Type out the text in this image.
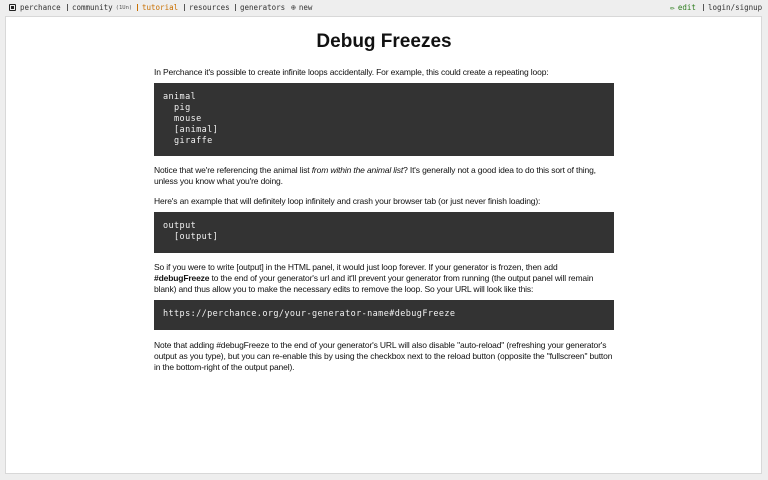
perchance community (1Un) tutorial resources generators ⊕ new	✏ edit login/signup
Debug Freezes

In Perchance it's possible to create infinite loops accidentally. For example, this could create a repeating loop:

animal
pig
mouse
[animal]
giraffe

Notice that we're referencing the animal list from within the animal list? It's generally not a good idea to do this sort of thing, unless you know what you're doing.

Here's an example that will definitely loop infinitely and crash your browser tab (or just never finish loading):

output
[output]

So if you were to write [output] in the HTML panel, it would just loop forever. If your generator is frozen, then add #debugFreeze to the end of your generator's url and it'll prevent your generator from running (the output panel will remain blank) and thus allow you to make the necessary edits to remove the loop. So your URL will look like this:

https://perchance.org/your-generator-name#debugFreeze

Note that adding #debugFreeze to the end of your generator's URL will also disable "auto-reload" (refreshing your generator's output as you type), but you can re-enable this by using the checkbox next to the reload button (opposite the "fullscreen" button in the bottom-right of the output panel).
